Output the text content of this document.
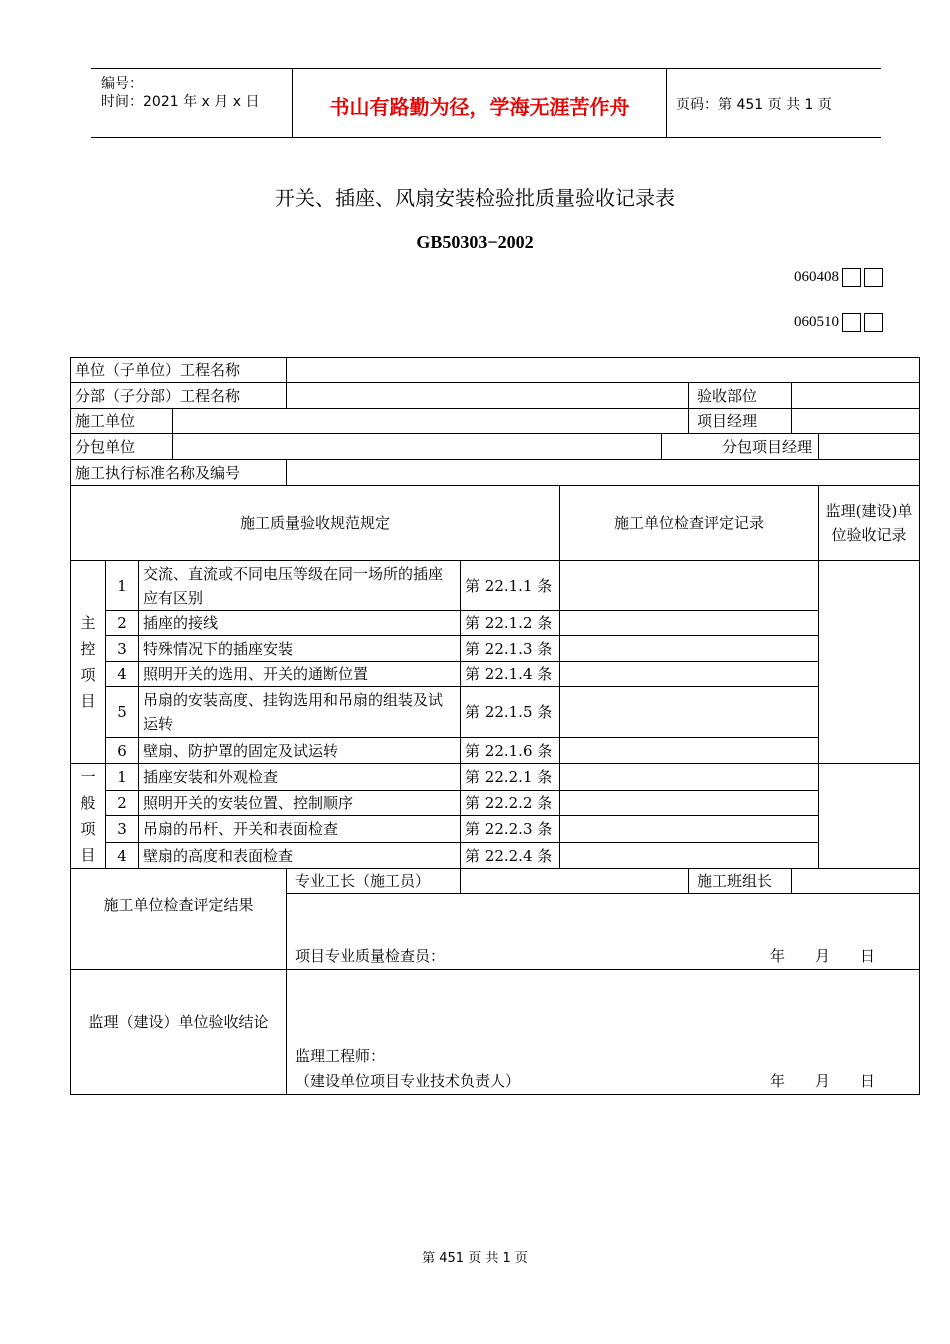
编号：
时间：2021 年 x 月 x 日	书山有路勤为径，学海无涯苦作舟	页码：第 451 页 共 1 页
开关、插座、风扇安装检验批质量验收记录表
GB50303−2002
060408
060510
单位（子单位）工程名称										
分部（子分部）工程名称								验收部位		
施工单位								项目经理		
分包单位							分包项目经理			
施工执行标准名称及编号										
施工质量验收规范规定						施工单位检查评定记录				监理(建设)单位验收记录
主控项目	1	交流、直流或不同电压等级在同一场所的插座应有区别			第 22.1.1 条					
	2	插座的接线			第 22.1.2 条					
	3	特殊情况下的插座安装			第 22.1.3 条					
	4	照明开关的选用、开关的通断位置			第 22.1.4 条					
	5	吊扇的安装高度、挂钩选用和吊扇的组装及试运转			第 22.1.5 条					
	6	壁扇、防护罩的固定及试运转			第 22.1.6 条					
一般项目	1	插座安装和外观检查			第 22.2.1 条					
	2	照明开关的安装位置、控制顺序			第 22.2.2 条					
	3	吊扇的吊杆、开关和表面检查			第 22.2.3 条					
	4	壁扇的高度和表面检查			第 22.2.4 条					
施工单位检查评定结果				专业工长（施工员）				施工班组长		

				项目专业质量检查员： 年　　月　　日						

监理（建设）单位验收结论				监理工程师：
（建设单位项目专业技术负责人） 年　　月　　日						
第 451 页 共 1 页
